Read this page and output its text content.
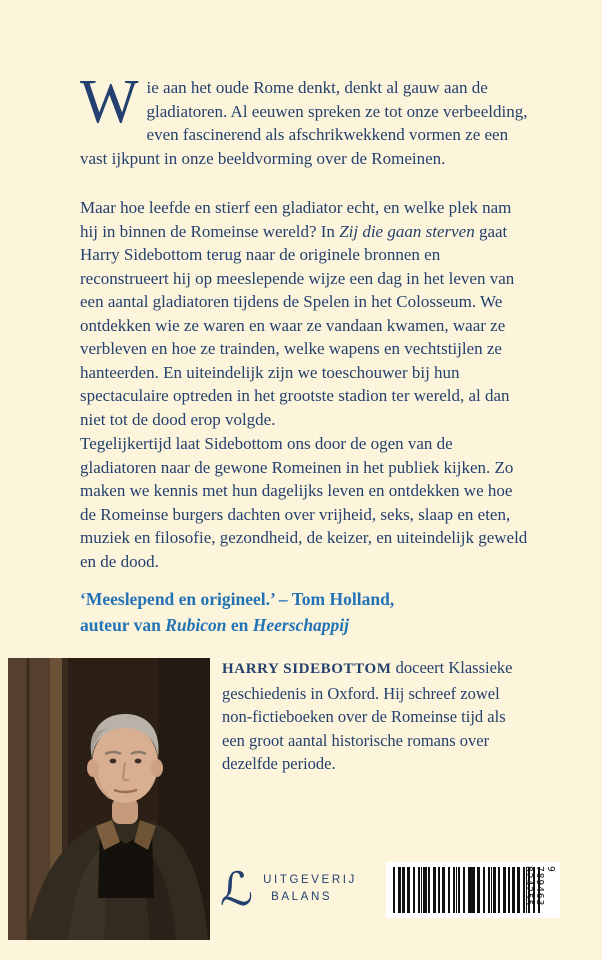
Wie aan het oude Rome denkt, denkt al gauw aan de gladiatoren. Al eeuwen spreken ze tot onze verbeelding, even fascinerend als afschrikwekkend vormen ze een vast ijkpunt in onze beeldvorming over de Romeinen.
Maar hoe leefde en stierf een gladiator echt, en welke plek nam hij in binnen de Romeinse wereld? In Zij die gaan sterven gaat Harry Sidebottom terug naar de originele bronnen en reconstrueert hij op meeslepende wijze een dag in het leven van een aantal gladiatoren tijdens de Spelen in het Colosseum. We ontdekken wie ze waren en waar ze vandaan kwamen, waar ze verbleven en hoe ze trainden, welke wapens en vechtstijlen ze hanteerden. En uiteindelijk zijn we toeschouwer bij hun spectaculaire optreden in het grootste stadion ter wereld, al dan niet tot de dood erop volgde.
Tegelijkertijd laat Sidebottom ons door de ogen van de gladiatoren naar de gewone Romeinen in het publiek kijken. Zo maken we kennis met hun dagelijks leven en ontdekken we hoe de Romeinse burgers dachten over vrijheid, seks, slaap en eten, muziek en filosofie, gezondheid, de keizer, en uiteindelijk geweld en de dood.
‘Meeslepend en origineel.’ – Tom Holland,
auteur van Rubicon en Heerschappij
HARRY SIDEBOTTOM doceert Klassieke geschiedenis in Oxford. Hij schreef zowel non-fictieboeken over de Romeinse tijd als een groot aantal historische romans over dezelfde periode.
ℒ UITGEVERIJ
BALANS
9 789463 824255
